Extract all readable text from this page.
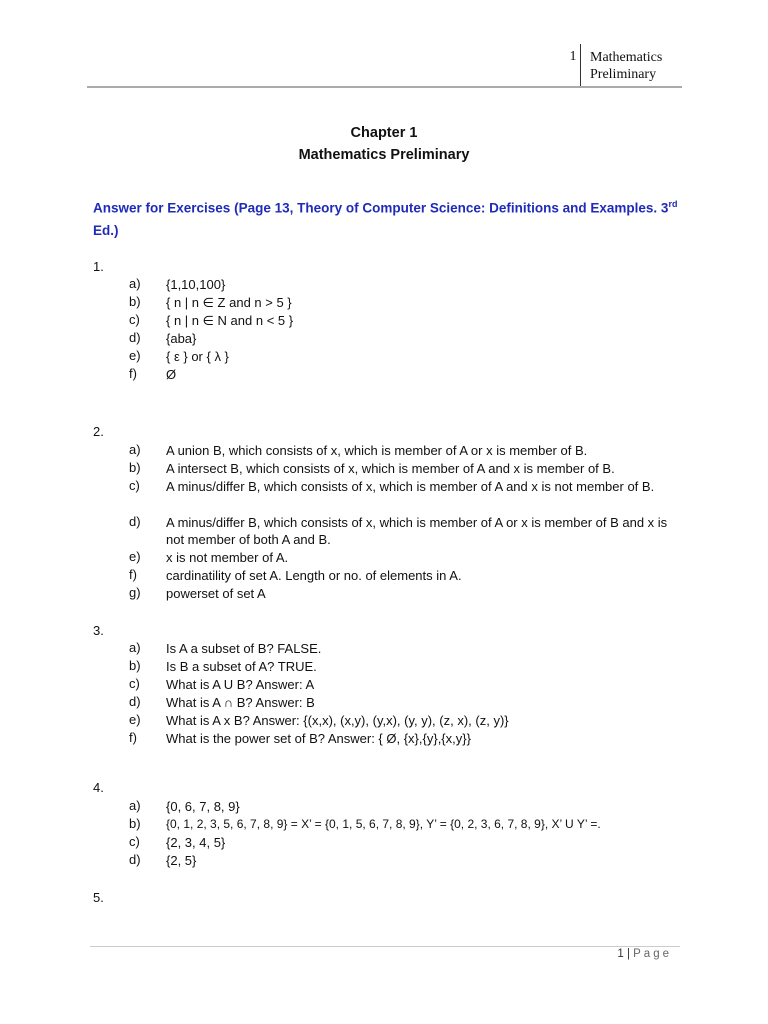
1 Mathematics
Preliminary
Chapter 1
Mathematics Preliminary
Answer for Exercises (Page 13, Theory of Computer Science: Definitions and Examples. 3rd
Ed.)
1.
a) {1,10,100}
b) { n | n ∈ Z and n > 5 }
c) { n | n ∈ N and n < 5 }
d) {aba}
e) { ε } or { λ }
f) Ø
2.
a) A union B, which consists of x, which is member of A or x is member of B.
b) A intersect B, which consists of x, which is member of A and x is member of B.
c) A minus/differ B, which consists of x, which is member of A and x is not member of B.
d) A minus/differ B, which consists of x, which is member of A or x is member of B and x is not member of both A and B.
e) x is not member of A.
f) cardinatility of set A. Length or no. of elements in A.
g) powerset of set A
3.
a) Is A a subset of B? FALSE.
b) Is B a subset of A? TRUE.
c) What is A U B? Answer: A
d) What is A ∩ B? Answer: B
e) What is A x B? Answer: {(x,x), (x,y), (y,x), (y, y), (z, x), (z, y)}
f) What is the power set of B? Answer: { Ø, {x},{y},{x,y}}
4.
a) {0, 6, 7, 8, 9}
b) {0, 1, 2, 3, 5, 6, 7, 8, 9} = X’ = {0, 1, 5, 6, 7, 8, 9}, Y’ = {0, 2, 3, 6, 7, 8, 9}, X’ U Y’ =.
c) {2, 3, 4, 5}
d) {2, 5}
5.
1 | Page
